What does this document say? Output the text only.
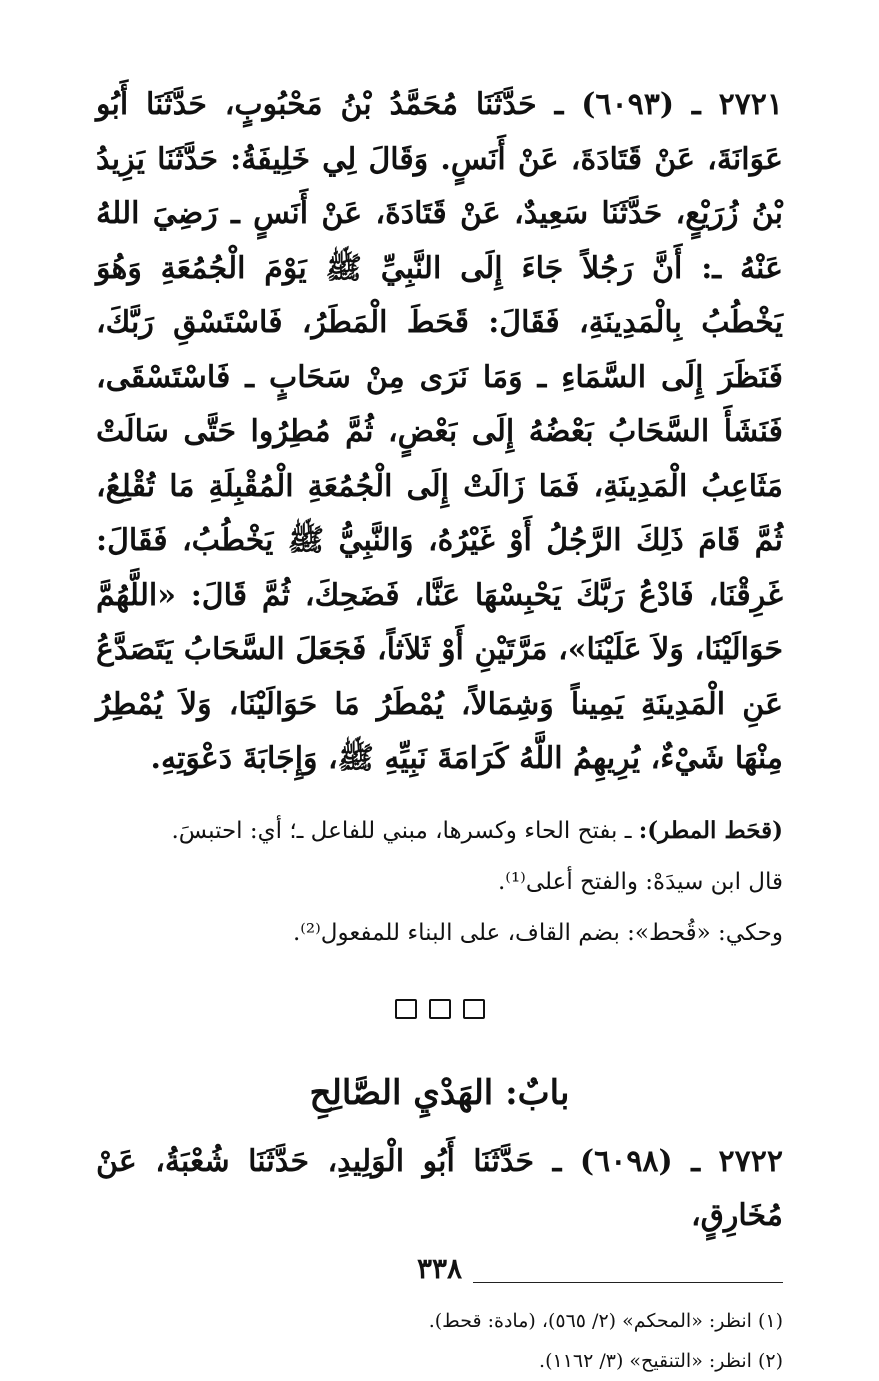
٢٧٢١ ـ (٦٠٩٣) ـ حَدَّثَنَا مُحَمَّدُ بْنُ مَحْبُوبٍ، حَدَّثَنَا أَبُو عَوَانَةَ، عَنْ قَتَادَةَ، عَنْ أَنَسٍ. وَقَالَ لِي خَلِيفَةُ: حَدَّثَنَا يَزِيدُ بْنُ زُرَيْعٍ، حَدَّثَنَا سَعِيدٌ، عَنْ قَتَادَةَ، عَنْ أَنَسٍ ـ رَضِيَ اللهُ عَنْهُ ـ: أَنَّ رَجُلاً جَاءَ إِلَى النَّبِيِّ ﷺ يَوْمَ الْجُمُعَةِ وَهُوَ يَخْطُبُ بِالْمَدِينَةِ، فَقَالَ: قَحَطَ الْمَطَرُ، فَاسْتَسْقِ رَبَّكَ، فَنَظَرَ إِلَى السَّمَاءِ ـ وَمَا نَرَى مِنْ سَحَابٍ ـ فَاسْتَسْقَى، فَنَشَأَ السَّحَابُ بَعْضُهُ إِلَى بَعْضٍ، ثُمَّ مُطِرُوا حَتَّى سَالَتْ مَثَاعِبُ الْمَدِينَةِ، فَمَا زَالَتْ إِلَى الْجُمُعَةِ الْمُقْبِلَةِ مَا تُقْلِعُ، ثُمَّ قَامَ ذَلِكَ الرَّجُلُ أَوْ غَيْرُهُ، وَالنَّبِيُّ ﷺ يَخْطُبُ، فَقَالَ: غَرِقْنَا، فَادْعُ رَبَّكَ يَحْبِسْهَا عَنَّا، فَضَحِكَ، ثُمَّ قَالَ: «اللَّهُمَّ حَوَالَيْنَا، وَلاَ عَلَيْنَا»، مَرَّتَيْنِ أَوْ ثَلاَثاً، فَجَعَلَ السَّحَابُ يَتَصَدَّعُ عَنِ الْمَدِينَةِ يَمِيناً وَشِمَالاً، يُمْطَرُ مَا حَوَالَيْنَا، وَلاَ يُمْطِرُ مِنْهَا شَيْءٌ، يُرِيهِمُ اللَّهُ كَرَامَةَ نَبِيِّهِ ﷺ، وَإِجَابَةَ دَعْوَتِهِ.

(قحَط المطر): ـ بفتح الحاء وكسرها، مبني للفاعل ـ؛ أي: احتبسَ.

قال ابن سيدَهْ: والفتح أعلى⁽¹⁾.

وحكي: «قُحط»: بضم القاف، على البناء للمفعول⁽²⁾.

بابٌ: الهَدْيِ الصَّالِحِ

٢٧٢٢ ـ (٦٠٩٨) ـ حَدَّثَنَا أَبُو الْوَلِيدِ، حَدَّثَنَا شُعْبَةُ، عَنْ مُخَارِقٍ،

(١) انظر: «المحكم» (٢/ ٥٦٥)، (مادة: قحط).

(٢) انظر: «التنقيح» (٣/ ١١٦٢).

٣٣٨
